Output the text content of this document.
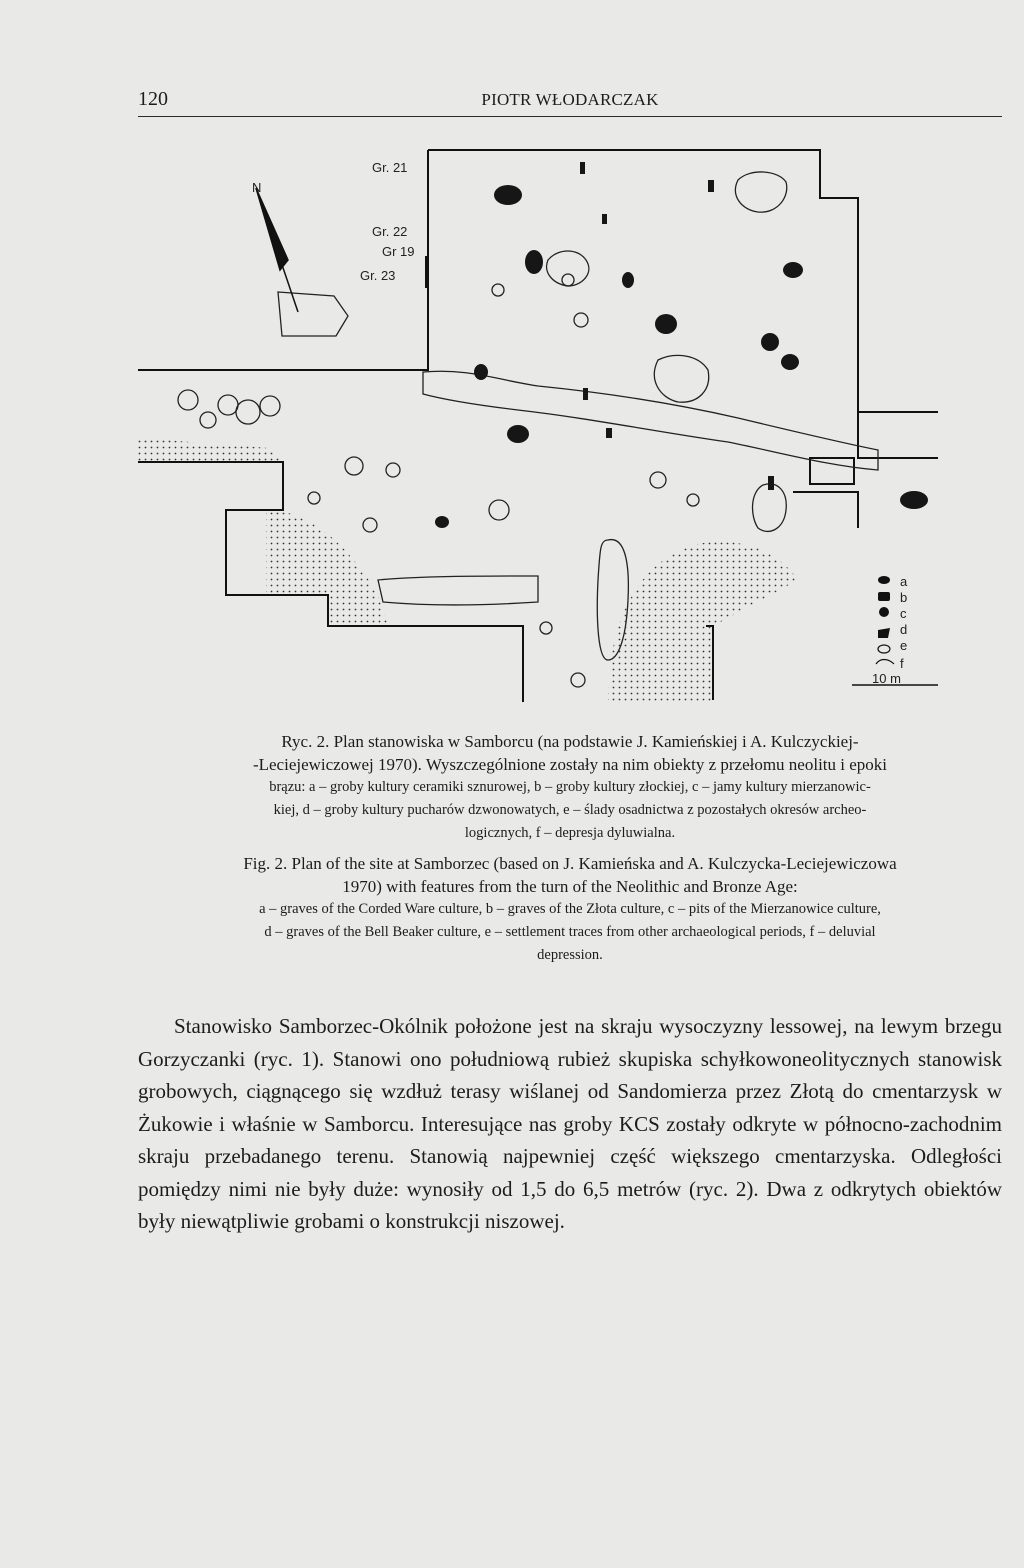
120	PIOTR WŁODARCZAK
N
Gr. 21
Gr. 22
Gr 19
Gr. 23
a
b
c
d
e
f
10 m

Ryc. 2. Plan stanowiska w Samborcu (na podstawie J. Kamieńskiej i A. Kulczyckiej-

-Leciejewiczowej 1970). Wyszczególnione zostały na nim obiekty z przełomu neolitu i epoki

brązu: a – groby kultury ceramiki sznurowej, b – groby kultury złockiej, c – jamy kultury mierzanowic-

kiej, d – groby kultury pucharów dzwonowatych, e – ślady osadnictwa z pozostałych okresów archeo-

logicznych, f – depresja dyluwialna.

Fig. 2. Plan of the site at Samborzec (based on J. Kamieńska and A. Kulczycka-Leciejewiczowa

1970) with features from the turn of the Neolithic and Bronze Age:

a – graves of the Corded Ware culture, b – graves of the Złota culture, c – pits of the Mierzanowice culture,

d – graves of the Bell Beaker culture, e – settlement traces from other archaeological periods, f – deluvial

depression.

Stanowisko Samborzec-Okólnik położone jest na skraju wysoczyzny lessowej, na lewym brzegu Gorzyczanki (ryc. 1). Stanowi ono południową rubież skupiska schyłkowoneolitycznych stanowisk grobowych, ciągnącego się wzdłuż terasy wiślanej od Sandomierza przez Złotą do cmentarzysk w Żukowie i właśnie w Samborcu. Interesujące nas groby KCS zostały odkryte w północno-zachodnim skraju przebadanego terenu. Stanowią najpewniej część większego cmentarzyska. Odległości pomiędzy nimi nie były duże: wynosiły od 1,5 do 6,5 metrów (ryc. 2). Dwa z odkrytych obiektów były niewątpliwie grobami o konstrukcji niszowej.
